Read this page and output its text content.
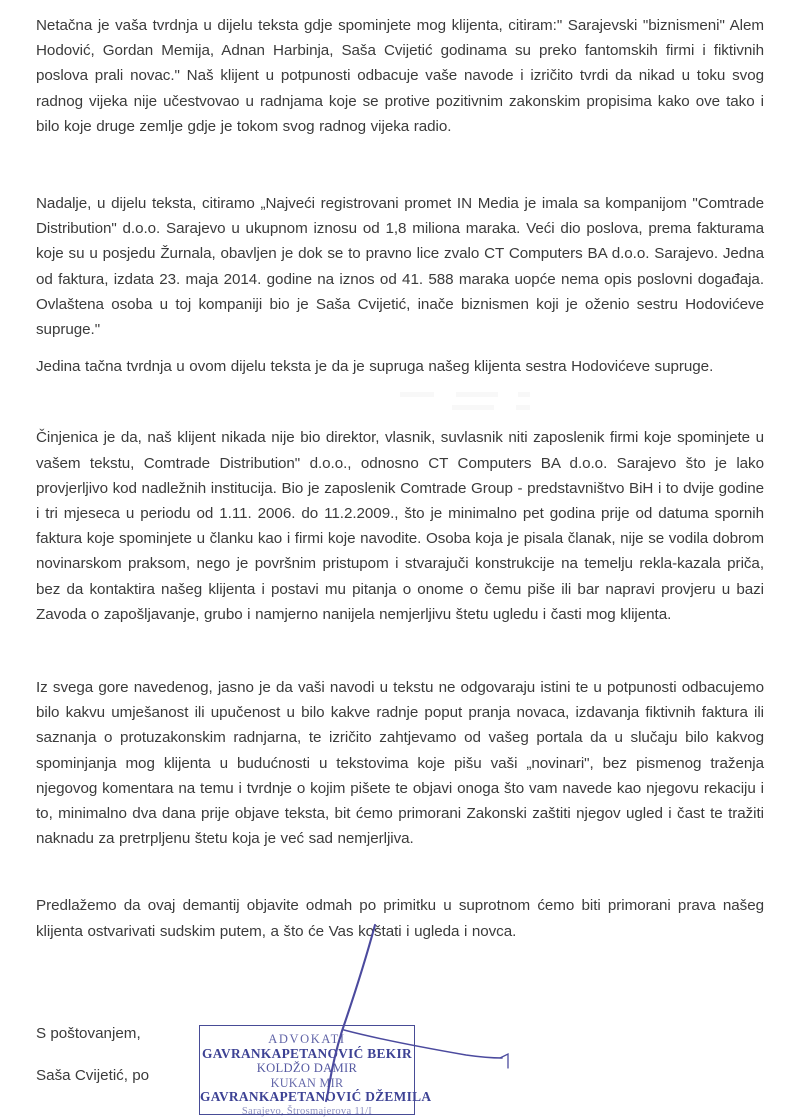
Netačna je vaša tvrdnja u dijelu teksta gdje spominjete mog klijenta, citiram:" Sarajevski "biznismeni" Alem Hodović, Gordan Memija, Adnan Harbinja, Saša Cvijetić godinama su preko fantomskih firmi i fiktivnih poslova prali novac." Naš klijent u potpunosti odbacuje vaše navode i izričito tvrdi da nikad u toku svog radnog vijeka nije učestvovao u radnjama koje se protive pozitivnim zakonskim propisima kako ove tako i bilo koje druge zemlje gdje je tokom svog radnog vijeka radio.

Nadalje, u dijelu teksta, citiramo „Najveći registrovani promet IN Media je imala sa kompanijom "Comtrade Distribution" d.o.o. Sarajevo u ukupnom iznosu od 1,8 miliona maraka. Veći dio poslova, prema fakturama koje su u posjedu Žurnala, obavljen je dok se to pravno lice zvalo CT Computers BA d.o.o. Sarajevo. Jedna od faktura, izdata 23. maja 2014. godine na iznos od 41. 588 maraka uopće nema opis poslovni događaja. Ovlaštena osoba u toj kompaniji bio je Saša Cvijetić, inače biznismen koji je oženio sestru Hodovićeve supruge."

Jedina tačna tvrdnja u ovom dijelu teksta je da je supruga našeg klijenta sestra Hodovićeve supruge.

Činjenica je da, naš klijent nikada nije bio direktor, vlasnik, suvlasnik niti zaposlenik firmi koje spominjete u vašem tekstu, Comtrade Distribution" d.o.o., odnosno CT Computers BA d.o.o. Sarajevo što je lako provjerljivo kod nadležnih institucija. Bio je zaposlenik Comtrade Group - predstavništvo BiH i to dvije godine i tri mjeseca u periodu od 1.11. 2006. do 11.2.2009., što je minimalno pet godina prije od datuma spornih faktura koje spominjete u članku kao i firmi koje navodite. Osoba koja je pisala članak, nije se vodila dobrom novinarskom praksom, nego je površnim pristupom i stvarajuči konstrukcije na temelju rekla-kazala priča, bez da kontaktira našeg klijenta i postavi mu pitanja o onome o čemu piše ili bar napravi provjeru u bazi Zavoda o zapošljavanje, grubo i namjerno nanijela nemjerljivu štetu ugledu i časti mog klijenta.

Iz svega gore navedenog, jasno je da vaši navodi u tekstu ne odgovaraju istini te u potpunosti odbacujemo bilo kakvu umješanost ili upučenost u bilo kakve radnje poput pranja novaca, izdavanja fiktivnih faktura ili saznanja o protuzakonskim radnjarna, te izričito zahtjevamo od vašeg portala da u slučaju bilo kakvog spominjanja mog klijenta u budućnosti u tekstovima koje pišu vaši „novinari", bez pismenog traženja njegovog komentara na temu i tvrdnje o kojim pišete te objavi onoga što vam navede kao njegovu rekaciju i to, minimalno dva dana prije objave teksta, bit ćemo primorani Zakonski zaštiti njegov ugled i čast te tražiti naknadu za pretrpljenu štetu koja je već sad nemjerljiva.

Predlažemo da ovaj demantij objavite odmah po primitku u suprotnom ćemo biti primorani prava našeg klijenta ostvarivati sudskim putem, a što će Vas koštati i ugleda i novca.

S poštovanjem,

Saša Cvijetić, po

ADVOKATI
GAVRANKAPETANOVIĆ BEKIR
KOLDŽO DAMIR
KUKAN MIR
GAVRANKAPETANOVIĆ DŽEMILA
Sarajevo, Štrosmajerova 11/I
